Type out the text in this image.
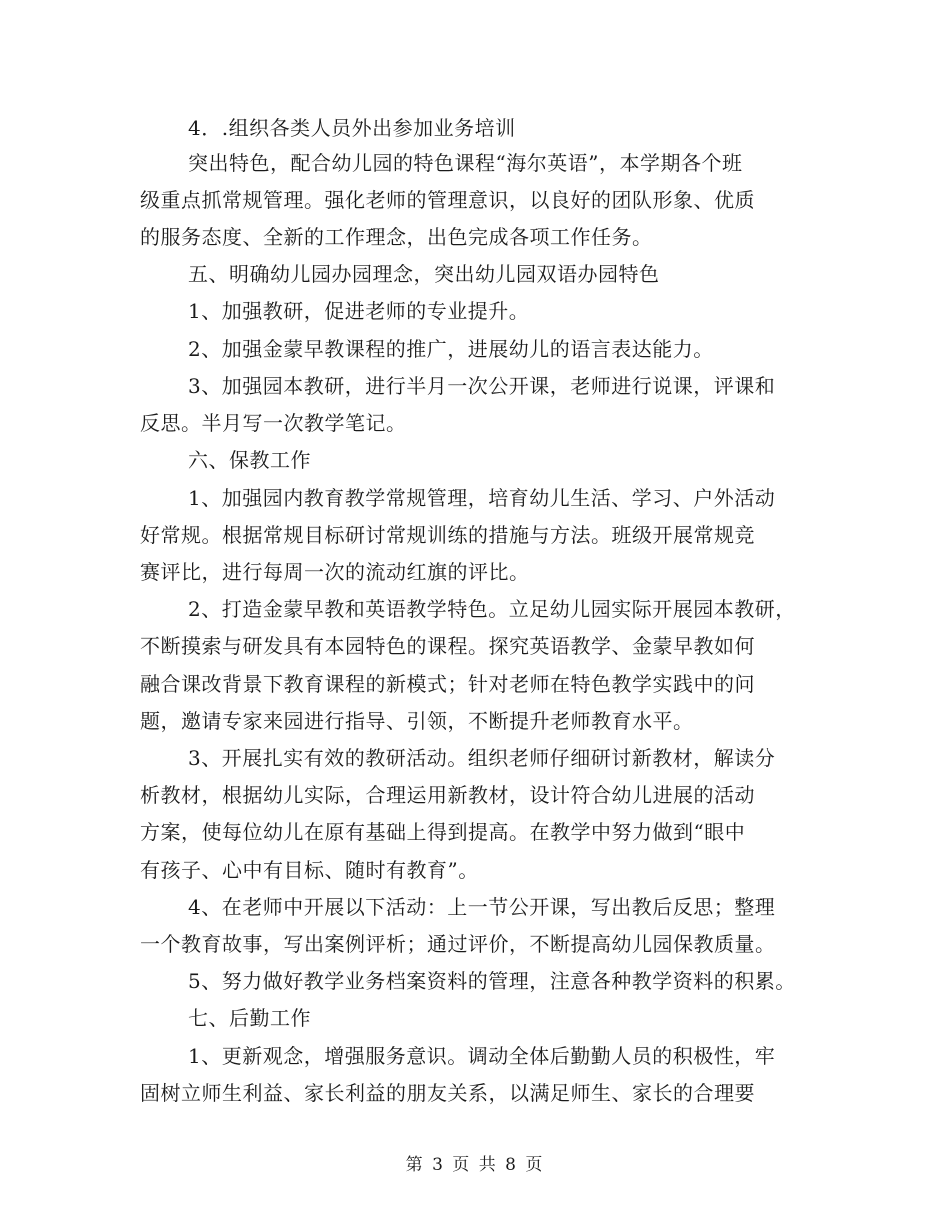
4．.组织各类人员外出参加业务培训
突出特色，配合幼儿园的特色课程“海尔英语”，本学期各个班
级重点抓常规管理。强化老师的管理意识，以良好的团队形象、优质
的服务态度、全新的工作理念，出色完成各项工作任务。
五、明确幼儿园办园理念，突出幼儿园双语办园特色
1、加强教研，促进老师的专业提升。
2、加强金蒙早教课程的推广，进展幼儿的语言表达能力。
3、加强园本教研，进行半月一次公开课，老师进行说课，评课和
反思。半月写一次教学笔记。
六、保教工作
1、加强园内教育教学常规管理，培育幼儿生活、学习、户外活动
好常规。根据常规目标研讨常规训练的措施与方法。班级开展常规竞
赛评比，进行每周一次的流动红旗的评比。
2、打造金蒙早教和英语教学特色。立足幼儿园实际开展园本教研，
不断摸索与研发具有本园特色的课程。探究英语教学、金蒙早教如何
融合课改背景下教育课程的新模式；针对老师在特色教学实践中的问
题，邀请专家来园进行指导、引领，不断提升老师教育水平。
3、开展扎实有效的教研活动。组织老师仔细研讨新教材，解读分
析教材，根据幼儿实际，合理运用新教材，设计符合幼儿进展的活动
方案，使每位幼儿在原有基础上得到提高。在教学中努力做到“眼中
有孩子、心中有目标、随时有教育”。
4、在老师中开展以下活动：上一节公开课，写出教后反思；整理
一个教育故事，写出案例评析；通过评价，不断提高幼儿园保教质量。
5、努力做好教学业务档案资料的管理，注意各种教学资料的积累。
七、后勤工作
1、更新观念，增强服务意识。调动全体后勤勤人员的积极性，牢
固树立师生利益、家长利益的朋友关系，以满足师生、家长的合理要
第 3 页 共 8 页
